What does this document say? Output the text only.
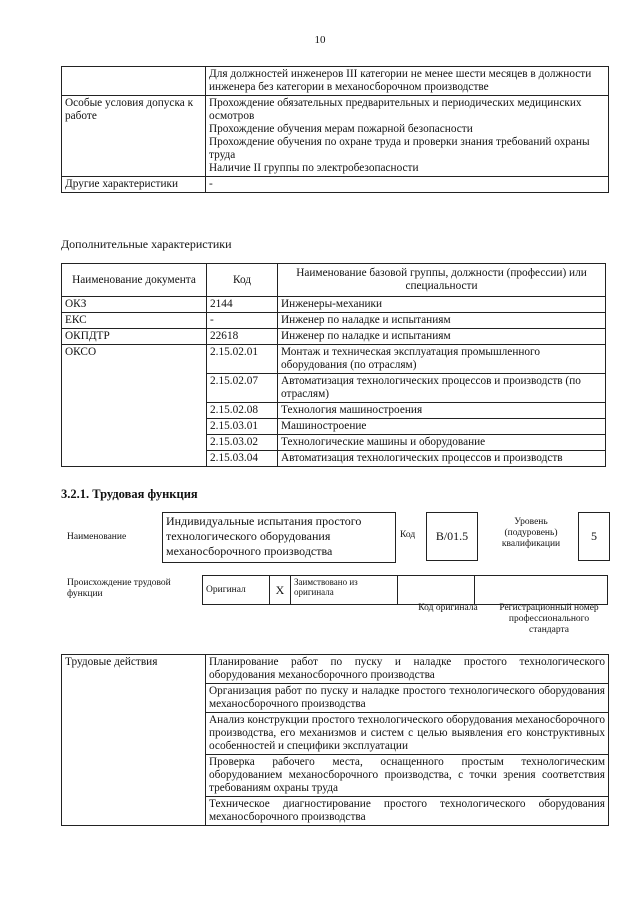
10

	Для должностей инженеров III категории не менее шести месяцев в должности инженера без категории в механосборочном производстве

Особые условия допуска к работе	Прохождение обязательных предварительных и периодических медицинских осмотров
Прохождение обучения мерам пожарной безопасности
Прохождение обучения по охране труда и проверки знания требований охраны труда
Наличие II группы по электробезопасности

Другие характеристики	-
Дополнительные характеристики
Наименование документа	Код	Наименование базовой группы, должности (профессии) или специальности
ОКЗ	2144	Инженеры-механики
ЕКС	-	Инженер по наладке и испытаниям
ОКПДТР	22618	Инженер по наладке и испытаниям
ОКСО	2.15.02.01	Монтаж и техническая эксплуатация промышленного оборудования (по отраслям)
	2.15.02.07	Автоматизация технологических процессов и производств (по отраслям)
	2.15.02.08	Технология машиностроения
	2.15.03.01	Машиностроение
	2.15.03.02	Технологические машины и оборудование
	2.15.03.04	Автоматизация технологических процессов и производств
3.2.1. Трудовая функция
Наименование
Индивидуальные испытания простого технологического оборудования механосборочного производства
Код	B/01.5
Уровень (подуровень) квалификации
5
Происхождение трудовой функции	Оригинал	X	Заимствовано из оригинала		
Код оригинала	Регистрационный номер профессионального стандарта
Трудовые действия	Планирование работ по пуску и наладке простого технологического оборудования механосборочного производства
Организация работ по пуску и наладке простого технологического оборудования механосборочного производства
Анализ конструкции простого технологического оборудования механосборочного производства, его механизмов и систем с целью выявления его конструктивных особенностей и специфики эксплуатации
Проверка рабочего места, оснащенного простым технологическим оборудованием механосборочного производства, с точки зрения соответствия требованиям охраны труда
Техническое диагностирование простого технологического оборудования механосборочного производства
